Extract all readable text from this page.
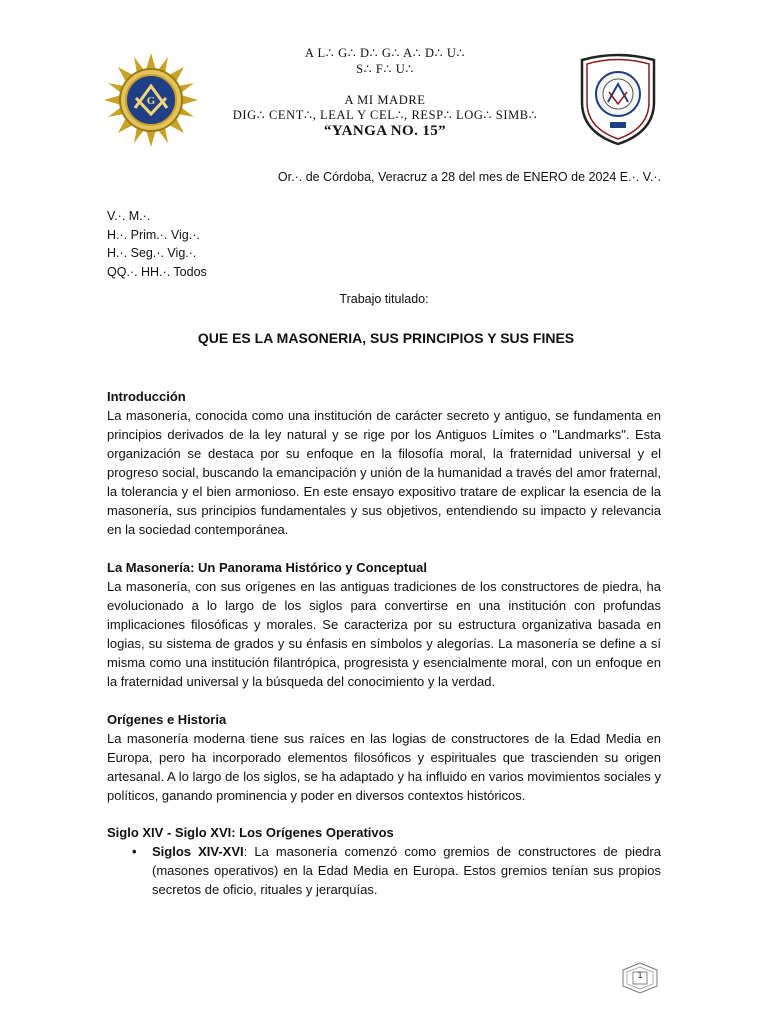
G
A L∴ G∴ D∴ G∴ A∴ D∴ U∴
S∴ F∴ U∴
A MI MADRE
DIG∴ CENT∴, LEAL Y CEL∴, RESP∴ LOG∴ SIMB∴
“YANGA NO. 15”
Or.·. de Córdoba, Veracruz a 28 del mes de ENERO de 2024 E.·. V.·.
V.·. M.·.
H.·. Prim.·. Vig.·.
H.·. Seg.·. Vig.·.
QQ.·. HH.·. Todos
Trabajo titulado:
QUE ES LA MASONERIA, SUS PRINCIPIOS Y SUS FINES
Introducción

La masonería, conocida como una institución de carácter secreto y antiguo, se fundamenta en principios derivados de la ley natural y se rige por los Antiguos Límites o "Landmarks". Esta organización se destaca por su enfoque en la filosofía moral, la fraternidad universal y el progreso social, buscando la emancipación y unión de la humanidad a través del amor fraternal, la tolerancia y el bien armonioso. En este ensayo expositivo tratare de explicar la esencia de la masonería, sus principios fundamentales y sus objetivos, entendiendo su impacto y relevancia en la sociedad contemporánea.

La Masonería: Un Panorama Histórico y Conceptual

La masonería, con sus orígenes en las antiguas tradiciones de los constructores de piedra, ha evolucionado a lo largo de los siglos para convertirse en una institución con profundas implicaciones filosóficas y morales. Se caracteriza por su estructura organizativa basada en logias, su sistema de grados y su énfasis en símbolos y alegorías. La masonería se define a sí misma como una institución filantrópica, progresista y esencialmente moral, con un enfoque en la fraternidad universal y la búsqueda del conocimiento y la verdad.

Orígenes e Historia

La masonería moderna tiene sus raíces en las logias de constructores de la Edad Media en Europa, pero ha incorporado elementos filosóficos y espirituales que trascienden su origen artesanal. A lo largo de los siglos, se ha adaptado y ha influido en varios movimientos sociales y políticos, ganando prominencia y poder en diversos contextos históricos.

Siglo XIV - Siglo XVI: Los Orígenes Operativos
• Siglos XIV-XVI: La masonería comenzó como gremios de constructores de piedra (masones operativos) en la Edad Media en Europa. Estos gremios tenían sus propios secretos de oficio, rituales y jerarquías.
1
